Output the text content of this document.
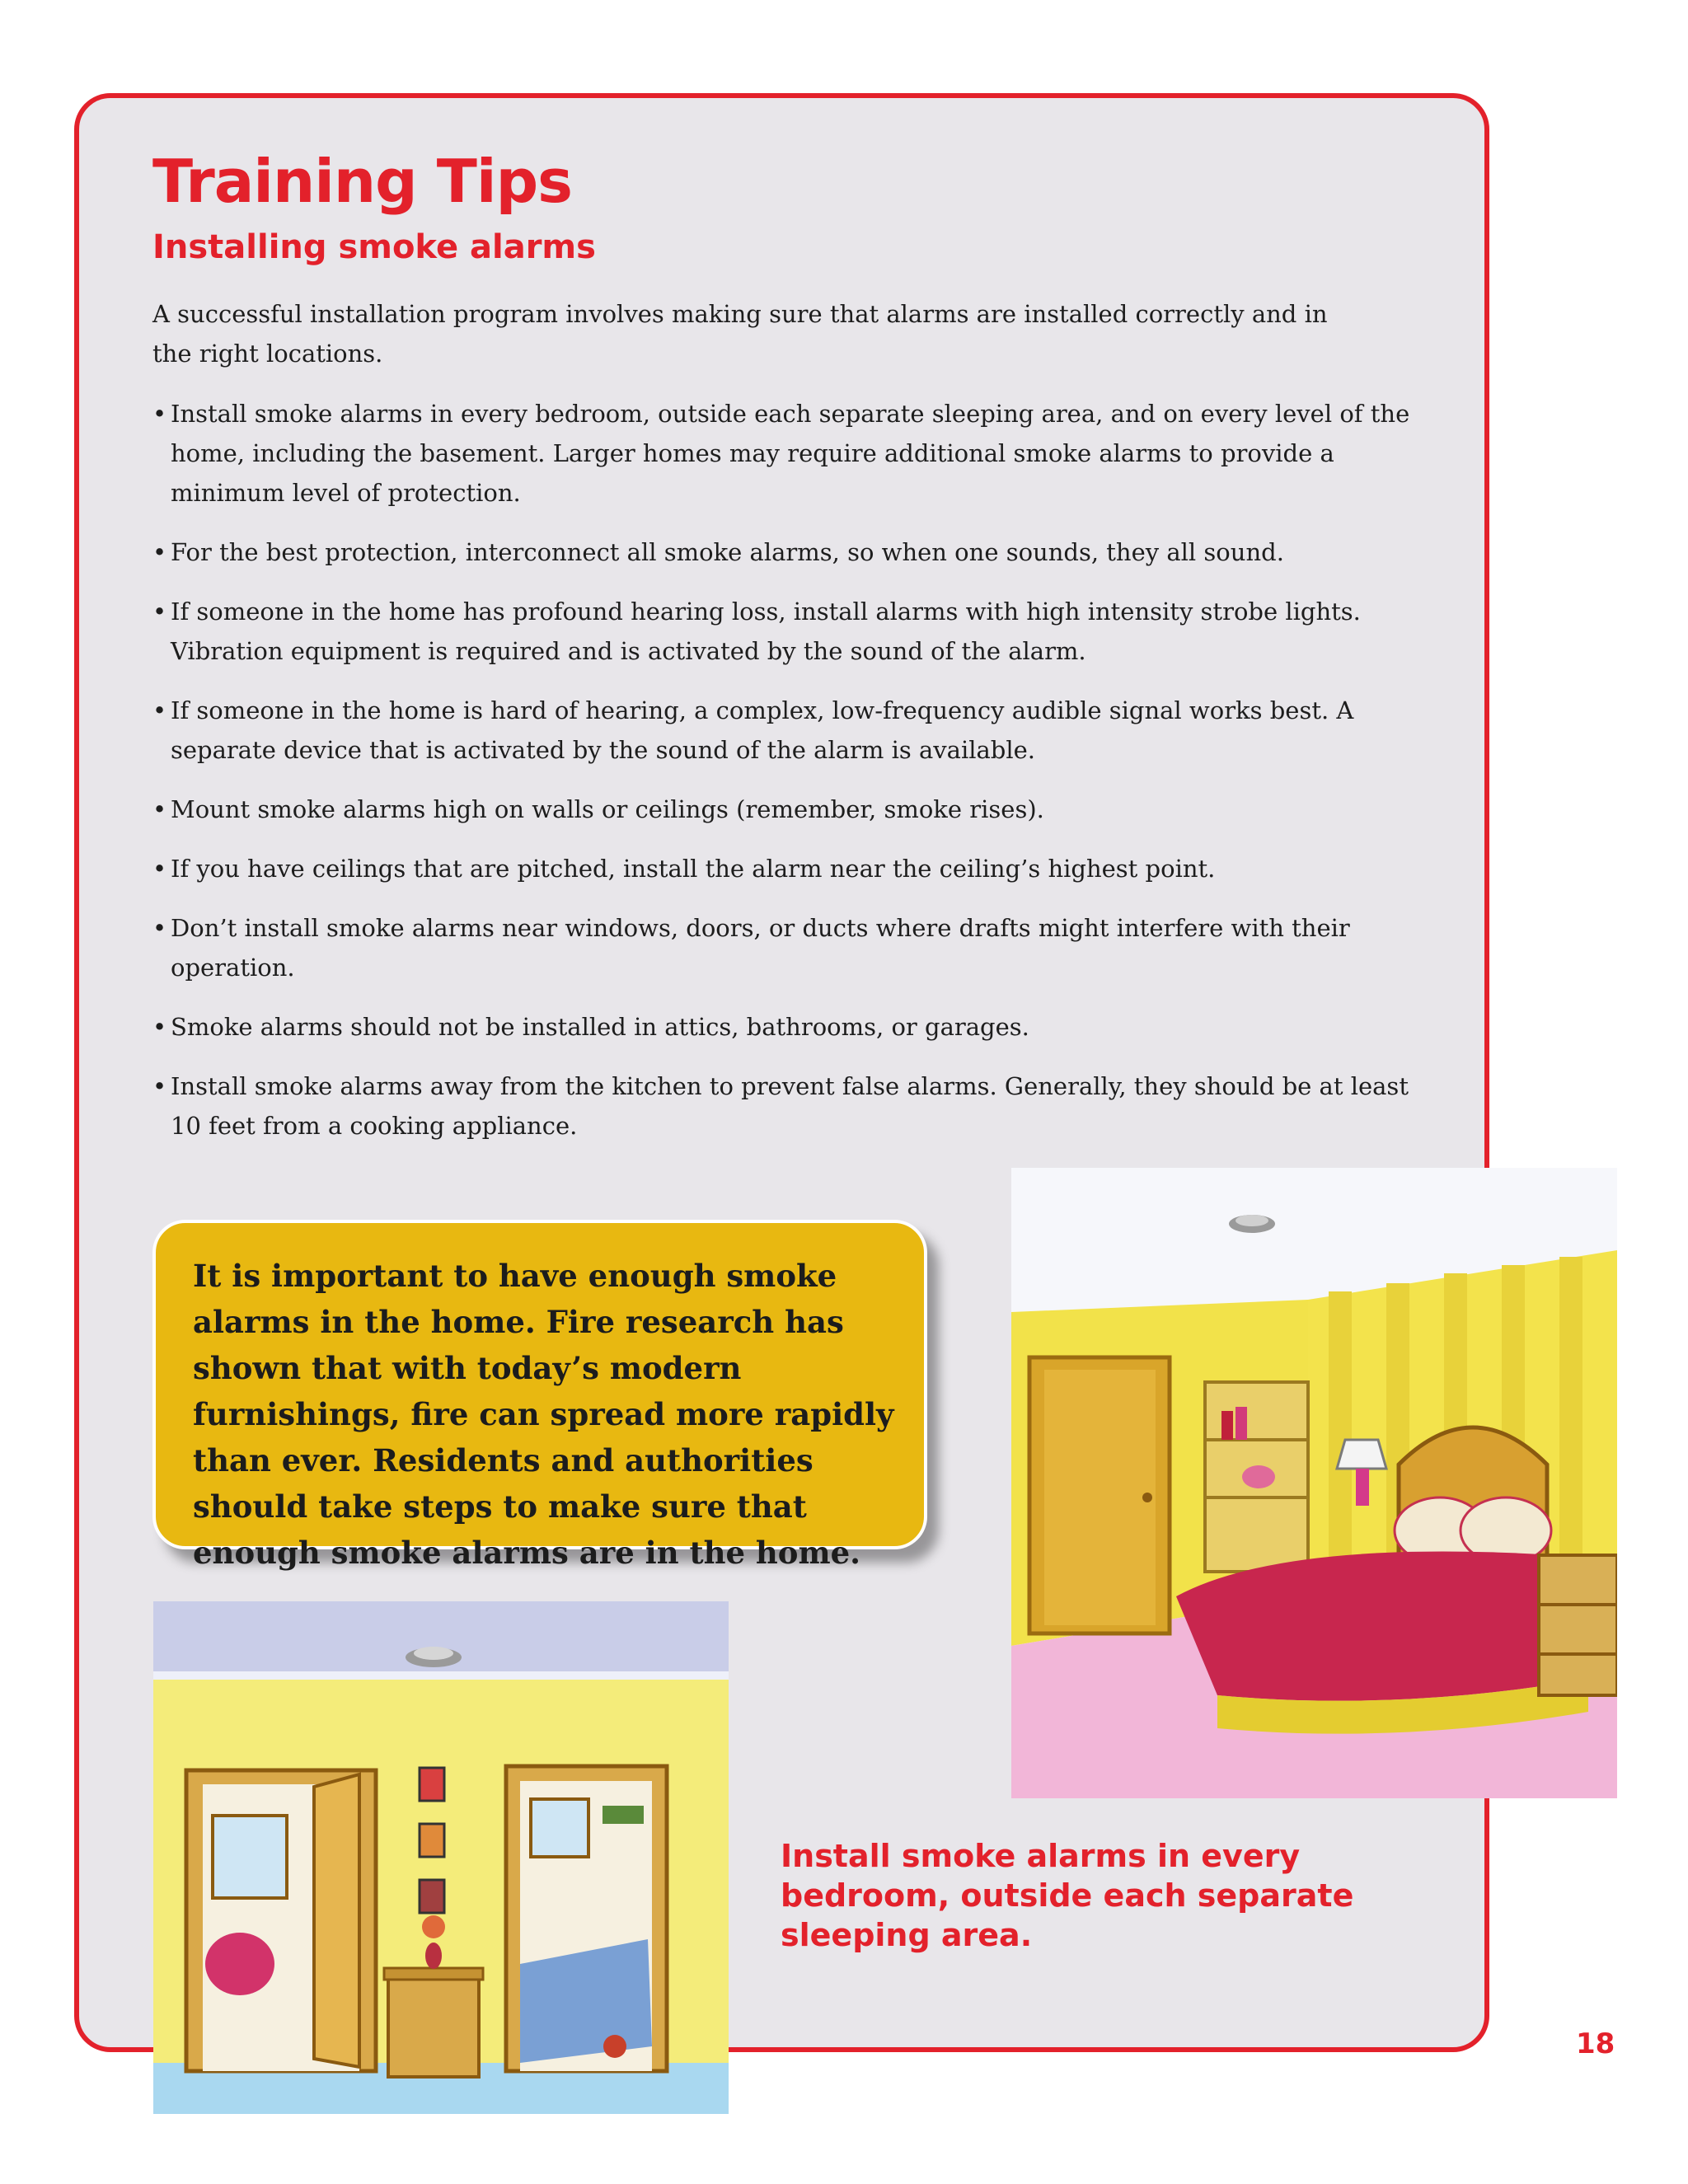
Training Tips
Installing smoke alarms

A successful installation program involves making sure that alarms are installed correctly and in the right locations.

• Install smoke alarms in every bedroom, outside each separate sleeping area, and on every level of the home, including the basement. Larger homes may require additional smoke alarms to provide a minimum level of protection.
• For the best protection, interconnect all smoke alarms, so when one sounds, they all sound.
• If someone in the home has profound hearing loss, install alarms with high intensity strobe lights. Vibration equipment is required and is activated by the sound of the alarm.
• If someone in the home is hard of hearing, a complex, low-frequency audible signal works best. A separate device that is activated by the sound of the alarm is available.
• Mount smoke alarms high on walls or ceilings (remember, smoke rises).
• If you have ceilings that are pitched, install the alarm near the ceiling’s highest point.
• Don’t install smoke alarms near windows, doors, or ducts where drafts might interfere with their operation.
• Smoke alarms should not be installed in attics, bathrooms, or garages.
• Install smoke alarms away from the kitchen to prevent false alarms. Generally, they should be at least 10 feet from a cooking appliance.
It is important to have enough smoke alarms in the home. Fire research has shown that with today’s modern furnishings, fire can spread more rapidly than ever. Residents and authorities should take steps to make sure that enough smoke alarms are in the home.

Install smoke alarms in every bedroom, outside each separate sleeping area.

18
